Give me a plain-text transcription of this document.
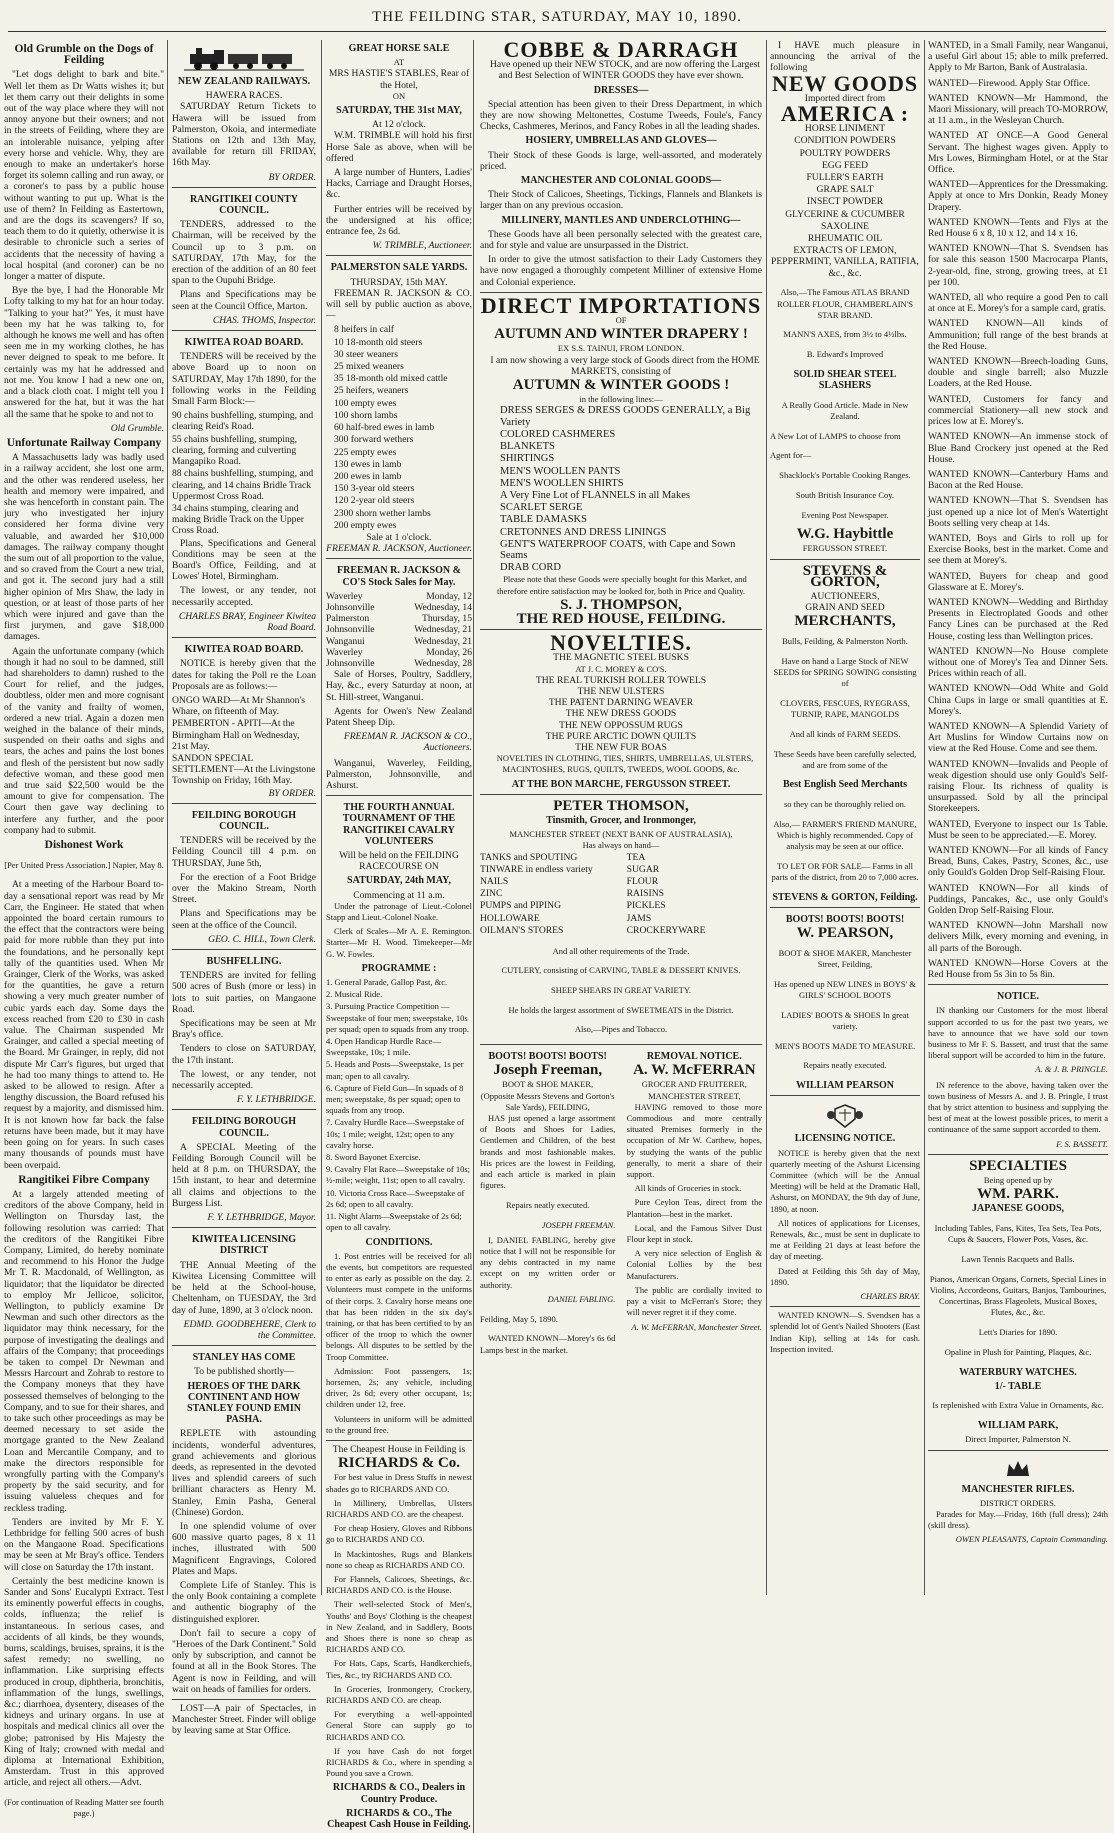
THE FEILDING STAR, SATURDAY, MAY 10, 1890.
Old Grumble on the Dogs of Feilding

"Let dogs delight to bark and bite." Well let them as Dr Watts wishes it; but let them carry out their delights in some out of the way place where they will not annoy anyone but their owners; and not in the streets of Feilding, where they are an intolerable nuisance, yelping after every horse and vehicle. Why, they are enough to make an undertaker's horse forget its solemn calling and run away, or a coroner's to pass by a public house without wanting to put up. What is the use of them? In Feilding as Eastertown, and are the dogs its scavengers? If so, teach them to do it quietly, otherwise it is desirable to chronicle such a series of accidents that the necessity of having a local hospital (and coroner) can be no longer a matter of dispute.

Bye the bye, I had the Honorable Mr Lofty talking to my hat for an hour today. "Talking to your hat?" Yes, it must have been my hat he was talking to, for although he knows me well and has often seen me in my working clothes, he has never deigned to speak to me before. It certainly was my hat he addressed and not me. You know I had a new one on, and a black cloth coat. I might tell you I answered for the hat, but it was the hat all the same that he spoke to and not to

Old Grumble.

Unfortunate Railway Company

A Massachusetts lady was badly used in a railway accident, she lost one arm, and the other was rendered useless, her health and memory were impaired, and she was henceforth in constant pain. The jury who investigated her injury considered her forma divine very valuable, and awarded her $10,000 damages. The railway company thought the sum out of all proportion to the value, and so craved from the Court a new trial, and got it. The second jury had a still higher opinion of Mrs Shaw, the lady in question, or at least of those parts of her which were injured and gave than the first jurymen, and gave $18,000 damages.

Again the unfortunate company (which though it had no soul to be damned, still had shareholders to damn) rushed to the Court for relief, and the judges, doubtless, older men and more cognisant of the vanity and frailty of women, ordered a new trial. Again a dozen men weighed in the balance of their minds, suspended on their oaths and sighs and tears, the aches and pains the lost bones and flesh of the persistent but now sadly defective woman, and these good men and true said $22,500 would be the amount to give for compensation. The Court then gave way declining to interfere any further, and the poor company had to submit.

Dishonest Work

[Per United Press Association.] Napier, May 8.

At a meeting of the Harbour Board to-day a sensational report was read by Mr Carr, the Engineer. He stated that when appointed the board certain rumours to the effect that the contractors were being paid for more rubble than they put into the foundations, and he personally kept tally of the quantities used. When Mr Grainger, Clerk of the Works, was asked for the quantities, he gave a return showing a very much greater number of cubic yards each day. Some days the excess reached from £20 to £30 in cash value. The Chairman suspended Mr Grainger, and called a special meeting of the Board. Mr Grainger, in reply, did not dispute Mr Carr's figures, but urged that he had too many things to attend to. He asked to be allowed to resign. After a lengthy discussion, the Board refused his request by a majority, and dismissed him. It is not known how far back the false returns have been made, but it may have been going on for years. In such cases many thousands of pounds must have been overpaid.

Rangitikei Fibre Company

At a largely attended meeting of creditors of the above Company, held in Wellington on Thursday last, the following resolution was carried: That the creditors of the Rangitikei Fibre Company, Limited, do hereby nominate and recommend to his Honor the Judge Mr T. R. Macdonald, of Wellington, as liquidator; that the liquidator be directed to employ Mr Jellicoe, solicitor, Wellington, to publicly examine Dr Newman and such other directors as the liquidator may think necessary, for the purpose of investigating the dealings and affairs of the Company; that proceedings be taken to compel Dr Newman and Messrs Harcourt and Zohrab to restore to the Company moneys that they have possessed themselves of belonging to the Company, and to sue for their shares, and to take such other proceedings as may be deemed necessary to set aside the mortgage granted to the New Zealand Loan and Mercantile Company, and to make the directors responsible for wrongfully parting with the Company's property by the said security, and for issuing valueless cheques and for reckless trading.

Tenders are invited by Mr F. Y. Lethbridge for felling 500 acres of bush on the Mangaone Road. Specifications may be seen at Mr Bray's office. Tenders will close on Saturday the 17th instant.

Certainly the best medicine known is Sander and Sons' Eucalypti Extract. Test its eminently powerful effects in coughs, colds, influenza; the relief is instantaneous. In serious cases, and accidents of all kinds, be they wounds, burns, scaldings, bruises, sprains, it is the safest remedy; no swelling, no inflammation. Like surprising effects produced in croup, diphtheria, bronchitis, inflammation of the lungs, swellings, &c.; diarrhoea, dysentery, diseases of the kidneys and urinary organs. In use at hospitals and medical clinics all over the globe; patronised by His Majesty the King of Italy; crowned with medal and diploma at International Exhibition, Amsterdam. Trust in this approved article, and reject all others.—Advt.

(For continuation of Reading Matter see fourth page.)

NEW ZEALAND RAILWAYS.
HAWERA RACES.

SATURDAY Return Tickets to Hawera will be issued from Palmerston, Okoia, and intermediate Stations on 12th and 13th May, available for return till FRIDAY, 16th May.

BY ORDER.

RANGITIKEI COUNTY COUNCIL.

TENDERS, addressed to the Chairman, will be received by the Council up to 3 p.m. on SATURDAY, 17th May, for the erection of the addition of an 80 feet span to the Oupuhi Bridge.

Plans and Specifications may be seen at the Council Office, Marton.

CHAS. THOMS, Inspector.

KIWITEA ROAD BOARD.

TENDERS will be received by the above Board up to noon on SATURDAY, May 17th 1890, for the following works in the Feilding Small Farm Block:—

90 chains bushfelling, stumping, and clearing Reid's Road.
55 chains bushfelling, stumping, clearing, forming and culverting Mangapiko Road.
88 chains bushfelling, stumping, and clearing, and 14 chains Bridle Track Uppermost Cross Road.
34 chains stumping, clearing and making Bridle Track on the Upper Cross Road.

Plans, Specifications and General Conditions may be seen at the Board's Office, Feilding, and at Lowes' Hotel, Birmingham.

The lowest, or any tender, not necessarily accepted.

CHARLES BRAY, Engineer Kiwitea Road Board.

KIWITEA ROAD BOARD.

NOTICE is hereby given that the dates for taking the Poll re the Loan Proposals are as follows:—

ONGO WARD—At Mr Shannon's Whare, on fifteenth of May.
PEMBERTON - APITI—At the Birmingham Hall on Wednesday, 21st May.
SANDON SPECIAL SETTLEMENT—At the Livingstone Township on Friday, 16th May.

BY ORDER.

FEILDING BOROUGH COUNCIL.

TENDERS will be received by the Feilding Council till 4 p.m. on THURSDAY, June 5th,

For the erection of a Foot Bridge over the Makino Stream, North Street.

Plans and Specifications may be seen at the office of the Council.

GEO. C. HILL, Town Clerk.

BUSHFELLING.

TENDERS are invited for felling 500 acres of Bush (more or less) in lots to suit parties, on Mangaone Road.

Specifications may be seen at Mr Bray's office.

Tenders to close on SATURDAY, the 17th instant.

The lowest, or any tender, not necessarily accepted.

F. Y. LETHBRIDGE.

FEILDING BOROUGH COUNCIL.

A SPECIAL Meeting of the Feilding Borough Council will be held at 8 p.m. on THURSDAY, the 15th instant, to hear and determine all claims and objections to the Burgess List.

F. Y. LETHBRIDGE, Mayor.

KIWITEA LICENSING DISTRICT

THE Annual Meeting of the Kiwitea Licensing Committee will be held at the School-house, Cheltenham, on TUESDAY, the 3rd day of June, 1890, at 3 o'clock noon.

EDMD. GOODBEHERE, Clerk to the Committee.

STANLEY HAS COME
To be published shortly—
HEROES OF THE DARK CONTINENT AND HOW STANLEY FOUND EMIN PASHA.

REPLETE with astounding incidents, wonderful adventures, grand achievements and glorious deeds, as represented in the devoted lives and splendid careers of such brilliant characters as Henry M. Stanley, Emin Pasha, General (Chinese) Gordon.

In one splendid volume of over 600 massive quarto pages, 8 x 11 inches, illustrated with 500 Magnificent Engravings, Colored Plates and Maps.

Complete Life of Stanley. This is the only Book containing a complete and authentic biography of the distinguished explorer.

Don't fail to secure a copy of "Heroes of the Dark Continent." Sold only by subscription, and cannot be found at all in the Book Stores. The Agent is now in Feilding, and will wait on heads of families for orders.

LOST—A pair of Spectacles, in Manchester Street. Finder will oblige by leaving same at Star Office.

GREAT HORSE SALE
AT
MRS HASTIE'S STABLES, Rear of the Hotel,
ON
SATURDAY, THE 31st MAY,
At 12 o'clock.

W.M. TRIMBLE will hold his first Horse Sale as above, when will be offered

A large number of Hunters, Ladies' Hacks, Carriage and Draught Horses, &c.

Further entries will be received by the undersigned at his office; entrance fee, 2s 6d.

W. TRIMBLE, Auctioneer.

PALMERSTON SALE YARDS.
THURSDAY, 15th MAY.

FREEMAN R. JACKSON & CO. will sell by public auction as above,—

8 heifers in calf
10 18-month old steers
30 steer weaners
25 mixed weaners
35 18-month old mixed cattle
25 heifers, weaners
100 empty ewes
100 shorn lambs
60 half-bred ewes in lamb
300 forward wethers
225 empty ewes
130 ewes in lamb
200 ewes in lamb
150 3-year old steers
120 2-year old steers
2300 shorn wether lambs
200 empty ewes
Sale at 1 o'clock.

FREEMAN R. JACKSON, Auctioneer.

FREEMAN R. JACKSON & CO'S Stock Sales for May.
Waverley	Monday, 12
Johnsonville	Wednesday, 14
Palmerston	Thursday, 15
Johnsonville	Wednesday, 21
Wanganui	Wednesday, 21
Waverley	Monday, 26
Johnsonville	Wednesday, 28

Sale of Horses, Poultry, Saddlery, Hay, &c., every Saturday at noon, at St. Hill-street, Wanganui.

Agents for Owen's New Zealand Patent Sheep Dip.

FREEMAN R. JACKSON & CO., Auctioneers.

Wanganui, Waverley, Feilding, Palmerston, Johnsonville, and Ashurst.

THE FOURTH ANNUAL TOURNAMENT OF THE RANGITIKEI CAVALRY VOLUNTEERS
Will be held on the FEILDING RACECOURSE ON
SATURDAY, 24th MAY,
Commencing at 11 a.m.

Under the patronage of Lieut.-Colonel Stapp and Lieut.-Colonel Noake.

Clerk of Scales—Mr A. E. Remington. Starter—Mr H. Wood. Timekeeper—Mr G. W. Fowles.

PROGRAMME :
1. General Parade, Gallop Past, &c.
2. Musical Ride.
3. Pursuing Practice Competition — Sweepstake of four men; sweepstake, 10s per squad; open to squads from any troop.
4. Open Handicap Hurdle Race—Sweepstake, 10s; 1 mile.
5. Heads and Posts—Sweepstake, 1s per man; open to all cavalry.
6. Capture of Field Gun—In squads of 8 men; sweepstake, 8s per squad; open to squads from any troop.
7. Cavalry Hurdle Race—Sweepstake of 10s; 1 mile; weight, 12st; open to any cavalry horse.
8. Sword Bayonet Exercise.
9. Cavalry Flat Race—Sweepstake of 10s; ½-mile; weight, 11st; open to all cavalry.
10. Victoria Cross Race—Sweepstake of 2s 6d; open to all cavalry.
11. Night Alarm—Sweepstake of 2s 6d; open to all cavalry.
CONDITIONS.

1. Post entries will be received for all the events, but competitors are requested to enter as early as possible on the day. 2. Volunteers must compete in the uniforms of their corps. 3. Cavalry horse means one that has been ridden in the six day's training, or that has been certified to by an officer of the troop to which the owner belongs. All disputes to be settled by the Troop Committee.

Admission: Foot passengers, 1s; horsemen, 2s; any vehicle, including driver, 2s 6d; every other occupant, 1s; children under 12, free.

Volunteers in uniform will be admitted to the ground free.

The Cheapest House in Feilding is
RICHARDS & Co.

For best value in Dress Stuffs in newest shades go to RICHARDS AND CO.

In Millinery, Umbrellas, Ulsters RICHARDS AND CO. are the cheapest.

For cheap Hosiery, Gloves and Ribbons go to RICHARDS AND CO.

In Mackintoshes, Rugs and Blankets none so cheap as RICHARDS AND CO.

For Flannels, Calicoes, Sheetings, &c. RICHARDS AND CO. is the House.

Their well-selected Stock of Men's, Youths' and Boys' Clothing is the cheapest in New Zealand, and in Saddlery, Boots and Shoes there is none so cheap as RICHARDS AND CO.

For Hats, Caps, Scarfs, Handkerchiefs, Ties, &c., try RICHARDS AND CO.

In Groceries, Ironmongery, Crockery, RICHARDS AND CO. are cheap.

For everything a well-appointed General Store can supply go to RICHARDS AND CO.

If you have Cash do not forget RICHARDS & Co., where in spending a Pound you save a Crown.

RICHARDS & CO., Dealers in Country Produce.
RICHARDS & CO., The Cheapest Cash House in Feilding.
COBBE & DARRAGH

Have opened up their NEW STOCK, and are now offering the Largest and Best Selection of WINTER GOODS they have ever shown.

DRESSES—

Special attention has been given to their Dress Department, in which they are now showing Meltonettes, Costume Tweeds, Foule's, Fancy Checks, Cashmeres, Merinos, and Fancy Robes in all the leading shades.

HOSIERY, UMBRELLAS AND GLOVES—

Their Stock of these Goods is large, well-assorted, and moderately priced.

MANCHESTER AND COLONIAL GOODS—

Their Stock of Calicoes, Sheetings, Tickings, Flannels and Blankets is larger than on any previous occasion.

MILLINERY, MANTLES AND UNDERCLOTHING—

These Goods have all been personally selected with the greatest care, and for style and value are unsurpassed in the District.

In order to give the utmost satisfaction to their Lady Customers they have now engaged a thoroughly competent Milliner of extensive Home and Colonial experience.

DIRECT IMPORTATIONS
OF
AUTUMN AND WINTER DRAPERY !
EX S.S. TAINUI, FROM LONDON.

I am now showing a very large stock of Goods direct from the HOME MARKETS, consisting of

AUTUMN & WINTER GOODS !
in the following lines:—
DRESS SERGES & DRESS GOODS GENERALLY, a Big Variety
COLORED CASHMERES
BLANKETS
SHIRTINGS
MEN'S WOOLLEN PANTS
MEN'S WOOLLEN SHIRTS
A Very Fine Lot of FLANNELS in all Makes
SCARLET SERGE
TABLE DAMASKS
CRETONNES AND DRESS LININGS
GENT'S WATERPROOF COATS, with Cape and Sown Seams
DRAB CORD

Please note that these Goods were specially bought for this Market, and therefore entire satisfaction may be looked for, both in Price and Quality.

S. J. THOMPSON,
THE RED HOUSE, FEILDING.
NOVELTIES.
THE MAGNETIC STEEL BUSKS
AT J. C. MOREY & CO'S.
THE REAL TURKISH ROLLER TOWELS
THE NEW ULSTERS
THE PATENT DARNING WEAVER
THE NEW DRESS GOODS
THE NEW OPPOSSUM RUGS
THE PURE ARCTIC DOWN QUILTS
THE NEW FUR BOAS

NOVELTIES IN CLOTHING, TIES, SHIRTS, UMBRELLAS, ULSTERS, MACINTOSHES, RUGS, QUILTS, TWEEDS, WOOL GOODS, &c.

AT THE BON MARCHE, FERGUSSON STREET.
PETER THOMSON,
Tinsmith, Grocer, and Ironmonger,
MANCHESTER STREET (NEXT BANK OF AUSTRALASIA),
Has always on hand—
TANKS and SPOUTING
TINWARE in endless variety
NAILS
ZINC
PUMPS and PIPING
HOLLOWARE
OILMAN'S STORES
TEA
SUGAR
FLOUR
RAISINS
PICKLES
JAMS
CROCKERYWARE

And all other requirements of the Trade.

CUTLERY, consisting of CARVING, TABLE & DESSERT KNIVES.

SHEEP SHEARS IN GREAT VARIETY.

He holds the largest assortment of SWEETMEATS in the District.

Also,—Pipes and Tobacco.

BOOTS! BOOTS! BOOTS!
Joseph Freeman,
BOOT & SHOE MAKER,
(Opposite Messrs Stevens and Gorton's Sale Yards), FEILDING,

HAS just opened a large assortment of Boots and Shoes for Ladies, Gentlemen and Children, of the best brands and most fashionable makes. His prices are the lowest in Feilding, and each article is marked in plain figures.

Repairs neatly executed.

JOSEPH FREEMAN.

I, DANIEL FABLING, hereby give notice that I will not be responsible for any debts contracted in my name except on my written order or authority.

DANIEL FABLING.

Feilding, May 5, 1890.

WANTED KNOWN—Morey's 6s 6d Lamps best in the market.

REMOVAL NOTICE.
A. W. McFERRAN
GROCER AND FRUITERER, MANCHESTER STREET,

HAVING removed to those more Commodious and more centrally situated Premises formerly in the occupation of Mr W. Carthew, hopes, by studying the wants of the public generally, to merit a share of their support.

All kinds of Groceries in stock.

Pure Ceylon Teas, direct from the Plantation—best in the market.

Local, and the Famous Silver Dust Flour kept in stock.

A very nice selection of English & Colonial Lollies by the best Manufacturers.

The public are cordially invited to pay a visit to McFerran's Store; they will never regret it if they come.

A. W. McFERRAN, Manchester Street.

I HAVE much pleasure in announcing the arrival of the following

NEW GOODS
Imported direct from
AMERICA :
HORSE LINIMENT
CONDITION POWDERS
POULTRY POWDERS
EGG FEED
FULLER'S EARTH
GRAPE SALT
INSECT POWDER
GLYCERINE & CUCUMBER
SAXOLINE
RHEUMATIC OIL
EXTRACTS OF LEMON, PEPPERMINT, VANILLA, RATIFIA, &c., &c.

Also,—The Famous ATLAS BRAND ROLLER FLOUR, CHAMBERLAIN'S STAR BRAND.

MANN'S AXES, from 3½ to 4½lbs.

B. Edward's Improved

SOLID SHEAR STEEL SLASHERS

A Really Good Article. Made in New Zealand.

A New Lot of LAMPS to choose from

Agent for—

Shacklock's Portable Cooking Ranges.

South British Insurance Coy.

Evening Post Newspaper.

W.G. Haybittle
FERGUSSON STREET.
STEVENS & GORTON,
AUCTIONEERS,
GRAIN AND SEED
MERCHANTS,

Bulls, Feilding, & Palmerston North.

Have on hand a Large Stock of NEW SEEDS for SPRING SOWING consisting of

CLOVERS, FESCUES, RYEGRASS, TURNIP, RAPE, MANGOLDS

And all kinds of FARM SEEDS.

These Seeds have been carefully selected, and are from some of the

Best English Seed Merchants

so they can be thoroughly relied on.

Also,— FARMER'S FRIEND MANURE, Which is highly recommended. Copy of analysis may be seen at our office.

TO LET OR FOR SALE— Farms in all parts of the district, from 20 to 7,000 acres.

STEVENS & GORTON, Feilding.
BOOTS! BOOTS! BOOTS!
W. PEARSON,

BOOT & SHOE MAKER, Manchester Street, Feilding,

Has opened up NEW LINES in BOYS' & GIRLS' SCHOOL BOOTS

LADIES' BOOTS & SHOES In great variety.

MEN'S BOOTS MADE TO MEASURE.

Repairs neatly executed.

WILLIAM PEARSON
LICENSING NOTICE.

NOTICE is hereby given that the next quarterly meeting of the Ashurst Licensing Committee (which will be the Annual Meeting) will be held at the Dramatic Hall, Ashurst, on MONDAY, the 9th day of June, 1890, at noon.

All notices of applications for Licenses, Renewals, &c., must be sent in duplicate to me at Feilding 21 days at least before the day of meeting.

Dated at Feilding this 5th day of May, 1890.

CHARLES BRAY.

WANTED KNOWN—S. Svendsen has a splendid lot of Gent's Nailed Shooters (East Indian Kip), selling at 14s for cash. Inspection invited.

WANTED, in a Small Family, near Wanganui, a useful Girl about 15; able to milk preferred. Apply to Mr Barton, Bank of Australasia.

WANTED—Firewood. Apply Star Office.

WANTED KNOWN—Mr Hammond, the Maori Missionary, will preach TO-MORROW, at 11 a.m., in the Wesleyan Church.

WANTED AT ONCE—A Good General Servant. The highest wages given. Apply to Mrs Lowes, Birmingham Hotel, or at the Star Office.

WANTED—Apprentices for the Dressmaking. Apply at once to Mrs Donkin, Ready Money Drapery.

WANTED KNOWN—Tents and Flys at the Red House 6 x 8, 10 x 12, and 14 x 16.

WANTED KNOWN—That S. Svendsen has for sale this season 1500 Macrocarpa Plants, 2-year-old, fine, strong, growing trees, at £1 per 100.

WANTED, all who require a good Pen to call at once at E. Morey's for a sample card, gratis.

WANTED KNOWN—All kinds of Ammunition; full range of the best brands at the Red House.

WANTED KNOWN—Breech-loading Guns, double and single barrell; also Muzzle Loaders, at the Red House.

WANTED, Customers for fancy and commercial Stationery—all new stock and prices low at E. Morey's.

WANTED KNOWN—An immense stock of Blue Band Crockery just opened at the Red House.

WANTED KNOWN—Canterbury Hams and Bacon at the Red House.

WANTED KNOWN—That S. Svendsen has just opened up a nice lot of Men's Watertight Boots selling very cheap at 14s.

WANTED, Boys and Girls to roll up for Exercise Books, best in the market. Come and see them at Morey's.

WANTED, Buyers for cheap and good Glassware at E. Morey's.

WANTED KNOWN—Wedding and Birthday Presents in Electroplated Goods and other Fancy Lines can be purchased at the Red House, costing less than Wellington prices.

WANTED KNOWN—No House complete without one of Morey's Tea and Dinner Sets. Prices within reach of all.

WANTED KNOWN—Odd White and Gold China Cups in large or small quantities at E. Morey's.

WANTED KNOWN—A Splendid Variety of Art Muslins for Window Curtains now on view at the Red House. Come and see them.

WANTED KNOWN—Invalids and People of weak digestion should use only Gould's Self-raising Flour. Its richness of quality is unsurpassed. Sold by all the principal Storekeepers.

WANTED, Everyone to inspect our 1s Table. Must be seen to be appreciated.—E. Morey.

WANTED KNOWN—For all kinds of Fancy Bread, Buns, Cakes, Pastry, Scones, &c., use only Gould's Golden Drop Self-Raising Flour.

WANTED KNOWN—For all kinds of Puddings, Pancakes, &c., use only Gould's Golden Drop Self-Raising Flour.

WANTED KNOWN—John Marshall now delivers Milk, every morning and evening, in all parts of the Borough.

WANTED KNOWN—Horse Covers at the Red House from 5s 3in to 5s 8in.

NOTICE.

IN thanking our Customers for the most liberal support accorded to us for the past two years, we have to announce that we have sold our town business to Mr F. S. Bassett, and trust that the same liberal support will be accorded to him in the future.

A. & J. B. PRINGLE.

IN reference to the above, having taken over the town business of Messrs A. and J. B. Pringle, I trust that by strict attention to business and supplying the best of meat at the lowest possible prices, to merit a continuance of the same support accorded to them.

F. S. BASSETT.

SPECIALTIES
Being opened up by
WM. PARK.
JAPANESE GOODS,

Including Tables, Fans, Kites, Tea Sets, Tea Pots, Cups & Saucers, Flower Pots, Vases, &c.

Lawn Tennis Racquets and Balls.

Pianos, American Organs, Cornets, Special Lines in Violins, Accordeons, Guitars, Banjos, Tambourines, Concertinas, Brass Flageolets, Musical Boxes, Flutes, &c., &c.

Lett's Diaries for 1890.

Opaline in Plush for Painting, Plaques, &c.

WATERBURY WATCHES.
1/- TABLE

Is replenished with Extra Value in Ornaments, &c.

WILLIAM PARK,
Direct Importer, Palmerston N.
MANCHESTER RIFLES.
DISTRICT ORDERS.

Parades for May.—Friday, 16th (full dress); 24th (skill dress).

OWEN PLEASANTS, Captain Commanding.
